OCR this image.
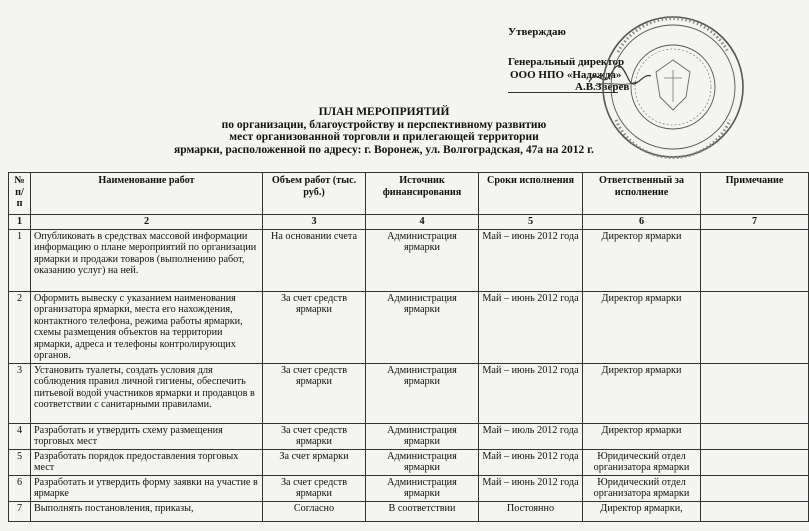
Утверждаю
Генеральный директор
ООО НПО «Надежда»
А.В.Зверев
ПЛАН МЕРОПРИЯТИЙ
по организации, благоустройству и перспективному развитию
мест организованной торговли и прилегающей территории
ярмарки, расположенной по адресу: г. Воронеж, ул. Волгоградская, 47а на 2012 г.
№ п/ п	Наименование работ	Объем работ (тыс. руб.)	Источник финансирования	Сроки исполнения	Ответственный за исполнение	Примечание
1	2	3	4	5	6	7
1	Опубликовать в средствах массовой информации информацию о плане мероприятий по организации ярмарки и продажи товаров (выполнению работ, оказанию услуг) на ней.	На основании счета	Администрация ярмарки	Май – июнь 2012 года	Директор ярмарки	
2	Оформить вывеску с указанием наименования организатора ярмарки, места его нахождения, контактного телефона, режима работы ярмарки, схемы размещения объектов на территории ярмарки, адреса и телефоны контролирующих органов.	За счет средств ярмарки	Администрация ярмарки	Май – июнь 2012 года	Директор ярмарки	
3	Установить туалеты, создать условия для соблюдения правил личной гигиены, обеспечить питьевой водой участников ярмарки и продавцов в соответствии с санитарными правилами.	За счет средств ярмарки	Администрация ярмарки	Май – июнь 2012 года	Директор ярмарки	
4	Разработать и утвердить схему размещения торговых мест	За счет средств ярмарки	Администрация ярмарки	Май – июль 2012 года	Директор ярмарки	
5	Разработать порядок предоставления торговых мест	За счет ярмарки	Администрация ярмарки	Май – июнь 2012 года	Юридический отдел организатора ярмарки	
6	Разработать и утвердить форму заявки на участие в ярмарке	За счет средств ярмарки	Администрация ярмарки	Май – июнь 2012 года	Юридический отдел организатора ярмарки	
7	Выполнять постановления, приказы,	Согласно	В соответствии	Постоянно	Директор ярмарки,	
